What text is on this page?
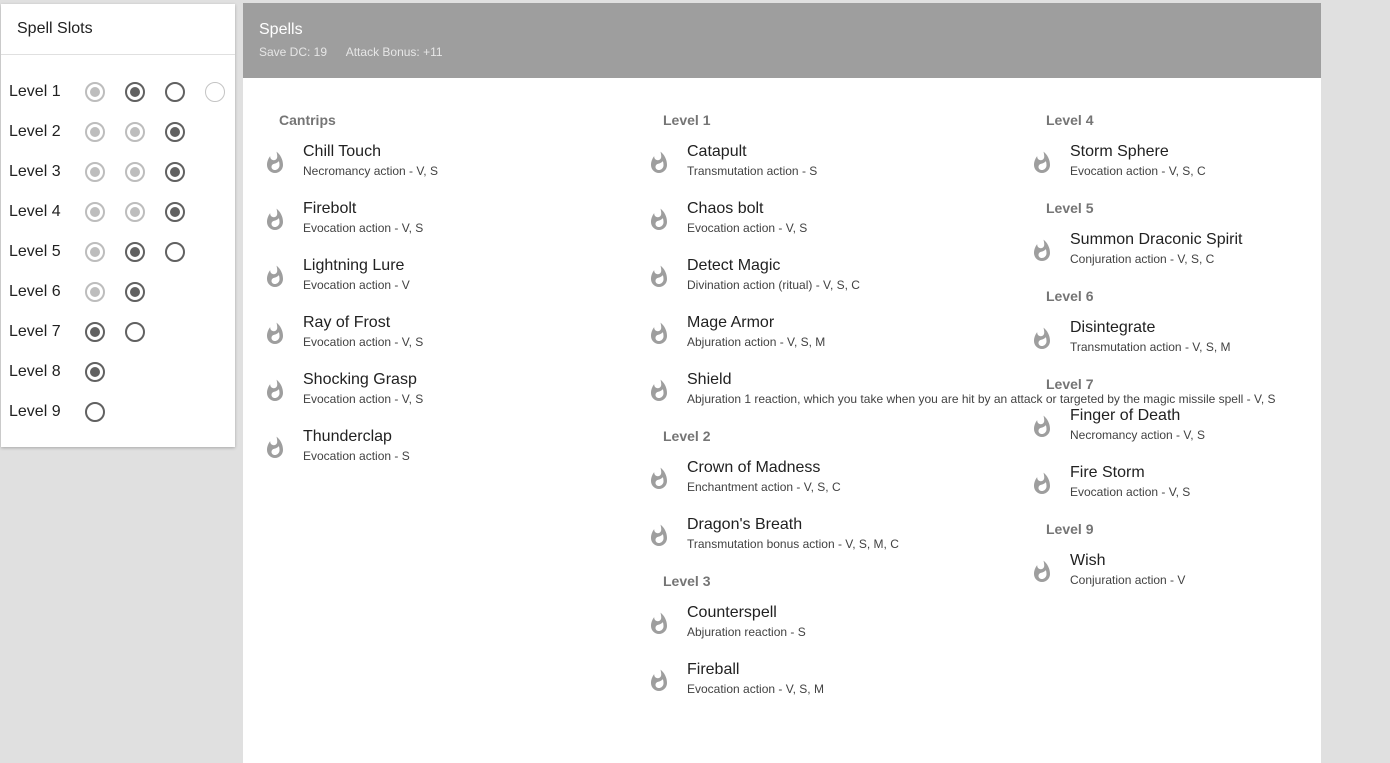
Spell Slots
Level 1
Level 2
Level 3
Level 4
Level 5
Level 6
Level 7
Level 8
Level 9
Spells
Save DC: 19 Attack Bonus: +11
Cantrips
Chill Touch
Necromancy action - V, S
Firebolt
Evocation action - V, S
Lightning Lure
Evocation action - V
Ray of Frost
Evocation action - V, S
Shocking Grasp
Evocation action - V, S
Thunderclap
Evocation action - S
Level 1
Catapult
Transmutation action - S
Chaos bolt
Evocation action - V, S
Detect Magic
Divination action (ritual) - V, S, C
Mage Armor
Abjuration action - V, S, M
Shield
Abjuration 1 reaction, which you take when you are hit by an attack or targeted by the magic missile spell - V, S
Level 2
Crown of Madness
Enchantment action - V, S, C
Dragon's Breath
Transmutation bonus action - V, S, M, C
Level 3
Counterspell
Abjuration reaction - S
Fireball
Evocation action - V, S, M
Level 4
Storm Sphere
Evocation action - V, S, C
Level 5
Summon Draconic Spirit
Conjuration action - V, S, C
Level 6
Disintegrate
Transmutation action - V, S, M
Level 7
Finger of Death
Necromancy action - V, S
Fire Storm
Evocation action - V, S
Level 9
Wish
Conjuration action - V
